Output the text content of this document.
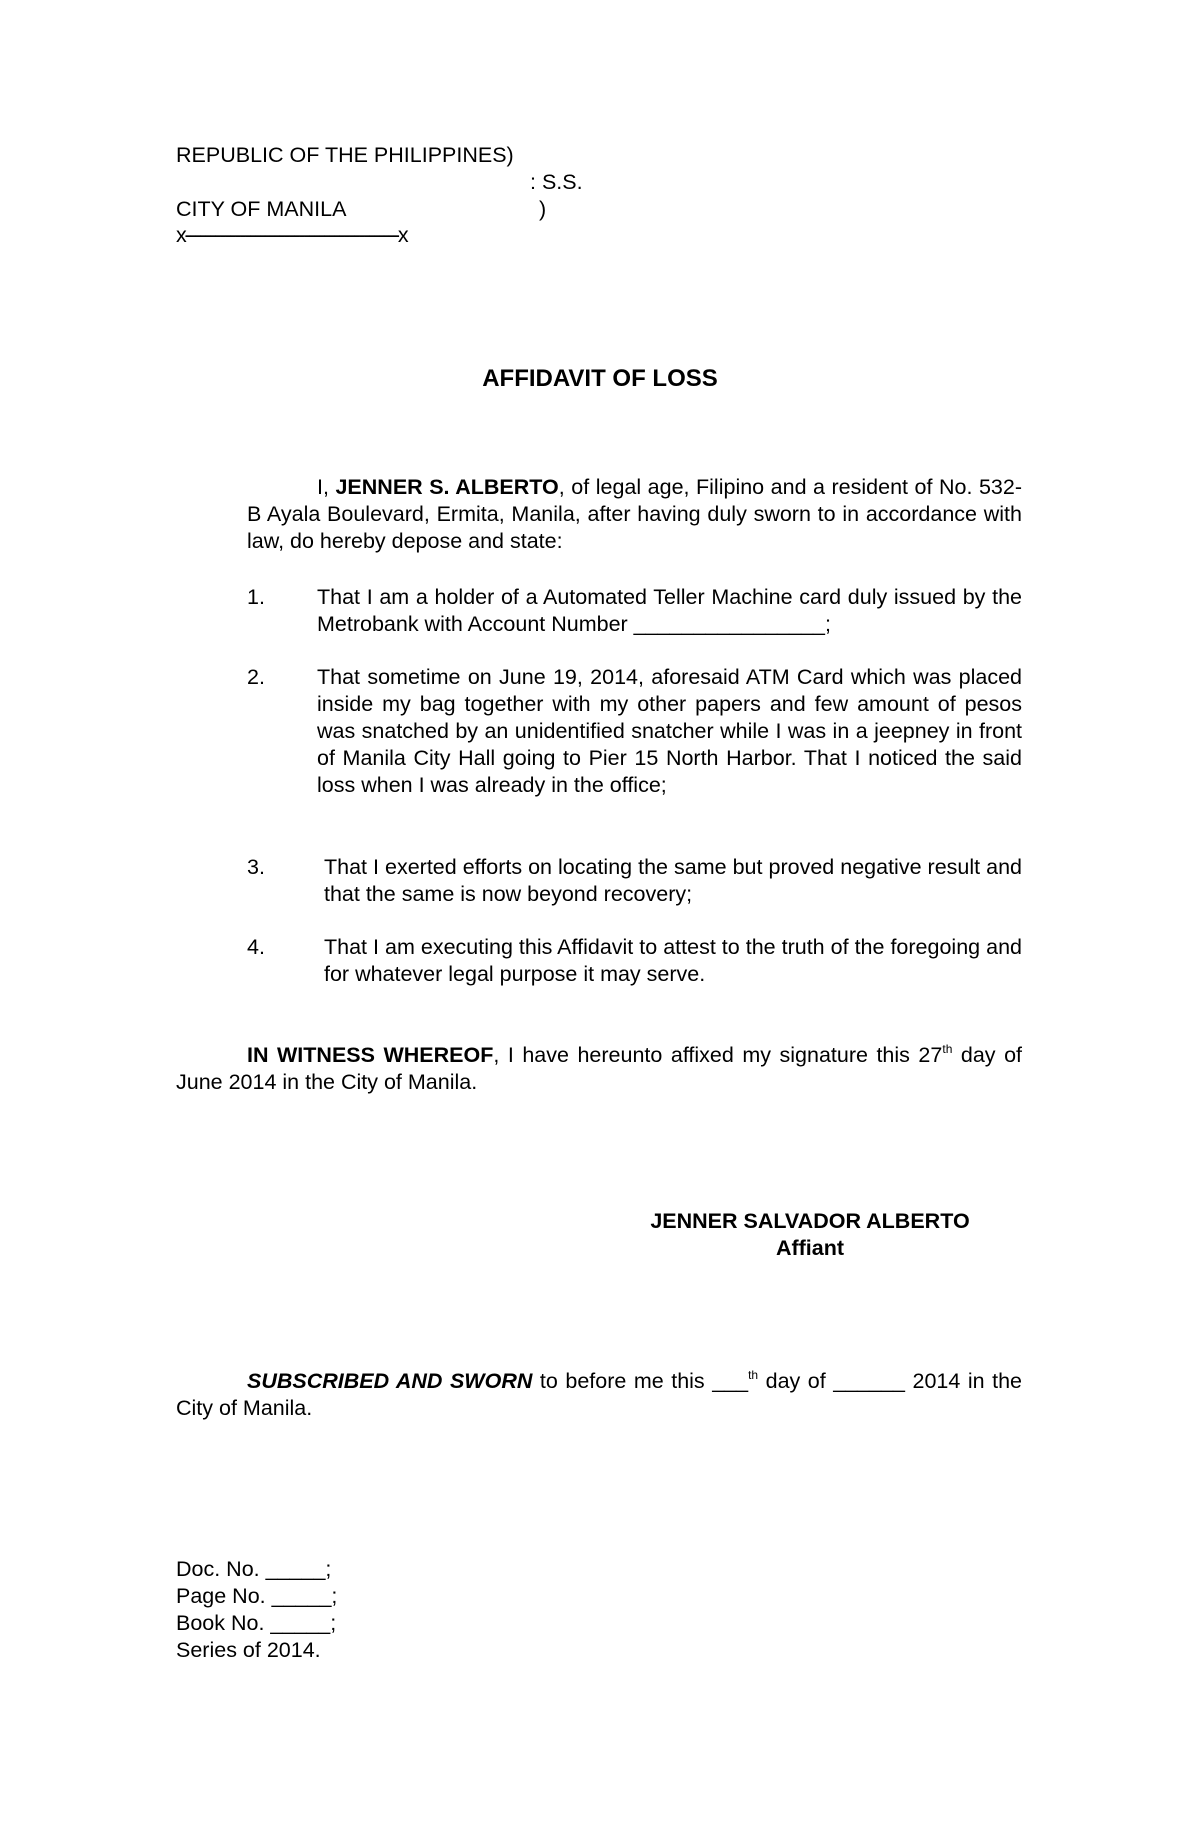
REPUBLIC OF THE PHILIPPINES)
: S.S.
CITY OF MANILA	)
x-------------------------------------------x
AFFIDAVIT OF LOSS
I, JENNER S. ALBERTO, of legal age, Filipino and a resident of No. 532-B Ayala Boulevard, Ermita, Manila, after having duly sworn to in accordance with law, do hereby depose and state:
1. That I am a holder of a Automated Teller Machine card duly issued by the Metrobank with Account Number ________________;
2. That sometime on June 19, 2014, aforesaid ATM Card which was placed inside my bag together with my other papers and few amount of pesos was snatched by an unidentified snatcher while I was in a jeepney in front of Manila City Hall going to Pier 15 North Harbor. That I noticed the said loss when I was already in the office;
3.	That I exerted efforts on locating the same but proved negative result and that the same is now beyond recovery;
4.	That I am executing this Affidavit to attest to the truth of the foregoing and for whatever legal purpose it may serve.
IN WITNESS WHEREOF, I have hereunto affixed my signature this 27th day of June 2014 in the City of Manila.
JENNER SALVADOR ALBERTO
Affiant
SUBSCRIBED AND SWORN to before me this ___$^{th}$ day of ______ 2014 in the City of Manila.
Doc. No. _____;
Page No. _____;
Book No. _____;
Series of 2014.
